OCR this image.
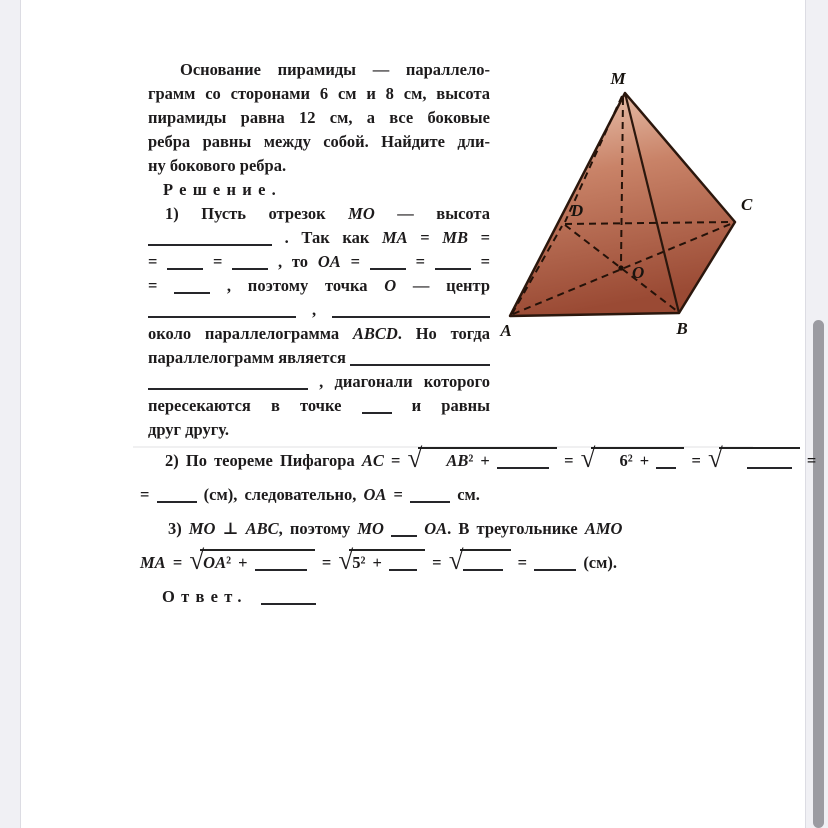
Основание пирамиды — параллело-
грамм со сторонами 6 см и 8 см, высота
пирамиды равна 12 см, а все боковые
ребра равны между собой. Найдите дли-
ну бокового ребра.
Решение.
1) Пусть отрезок MO — высота
. Так как MA = MB =
=  =  , то OA =  =  =
=  , поэтому точка O — центр
,
около параллелограмма ABCD. Но тогда
параллелограмм является
, диагонали которого
пересекаются в точке  и равны
друг другу.
2) По теореме Пифагора AC = √ AB² +	= √ 6² +  = √	=
=  (см), следовательно, OA =  см.
3) MO ⊥ ABC, поэтому MO OA. В треугольнике AMO
MA = √OA² +	= √5² +  = √	=	(см).
Ответ.
M
A	B
C
D
O
